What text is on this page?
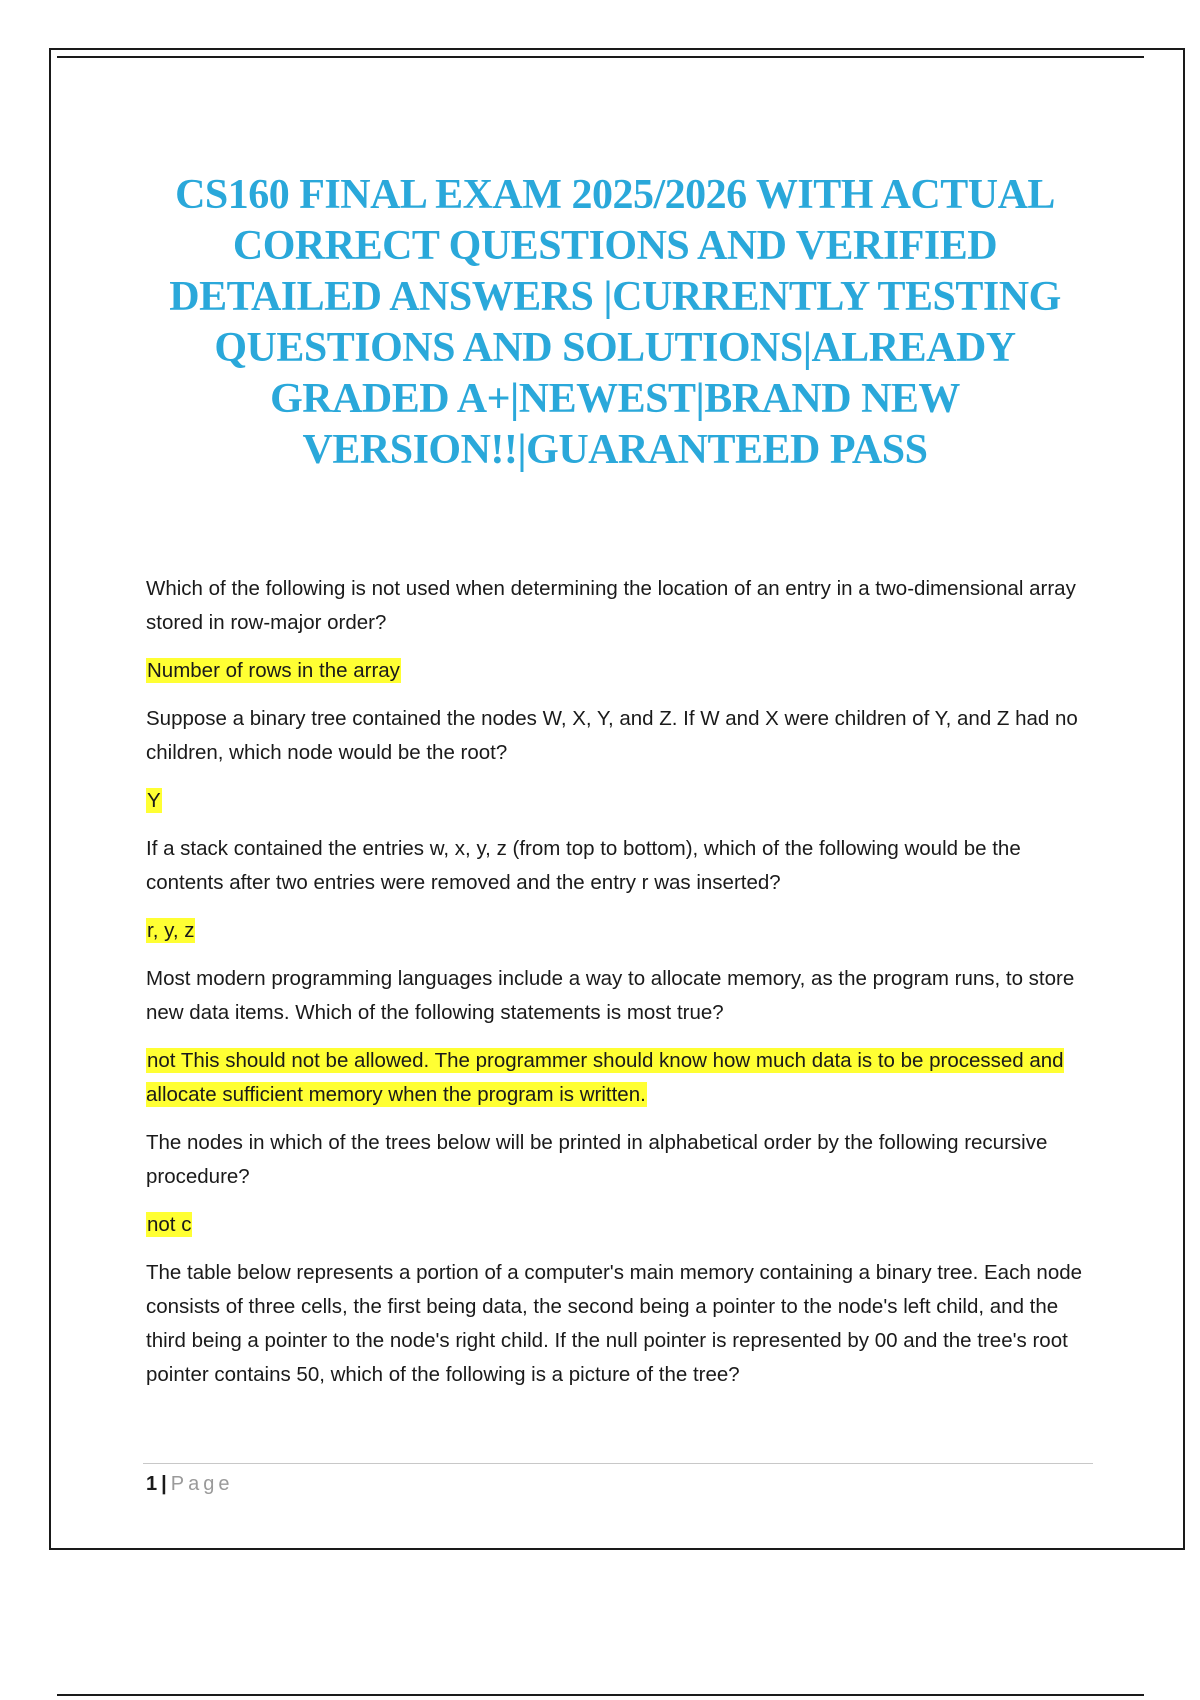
CS160 FINAL EXAM 2025/2026 WITH ACTUAL CORRECT QUESTIONS AND VERIFIED DETAILED ANSWERS |CURRENTLY TESTING QUESTIONS AND SOLUTIONS|ALREADY GRADED A+|NEWEST|BRAND NEW VERSION!!|GUARANTEED PASS

Which of the following is not used when determining the location of an entry in a two-dimensional array stored in row-major order?

Number of rows in the array

Suppose a binary tree contained the nodes W, X, Y, and Z. If W and X were children of Y, and Z had no children, which node would be the root?

Y

If a stack contained the entries w, x, y, z (from top to bottom), which of the following would be the contents after two entries were removed and the entry r was inserted?

r, y, z

Most modern programming languages include a way to allocate memory, as the program runs, to store new data items. Which of the following statements is most true?

not This should not be allowed. The programmer should know how much data is to be processed and allocate sufficient memory when the program is written.

The nodes in which of the trees below will be printed in alphabetical order by the following recursive procedure?

not c

The table below represents a portion of a computer's main memory containing a binary tree. Each node consists of three cells, the first being data, the second being a pointer to the node's left child, and the third being a pointer to the node's right child. If the null pointer is represented by 00 and the tree's root pointer contains 50, which of the following is a picture of the tree?

1 | Page
